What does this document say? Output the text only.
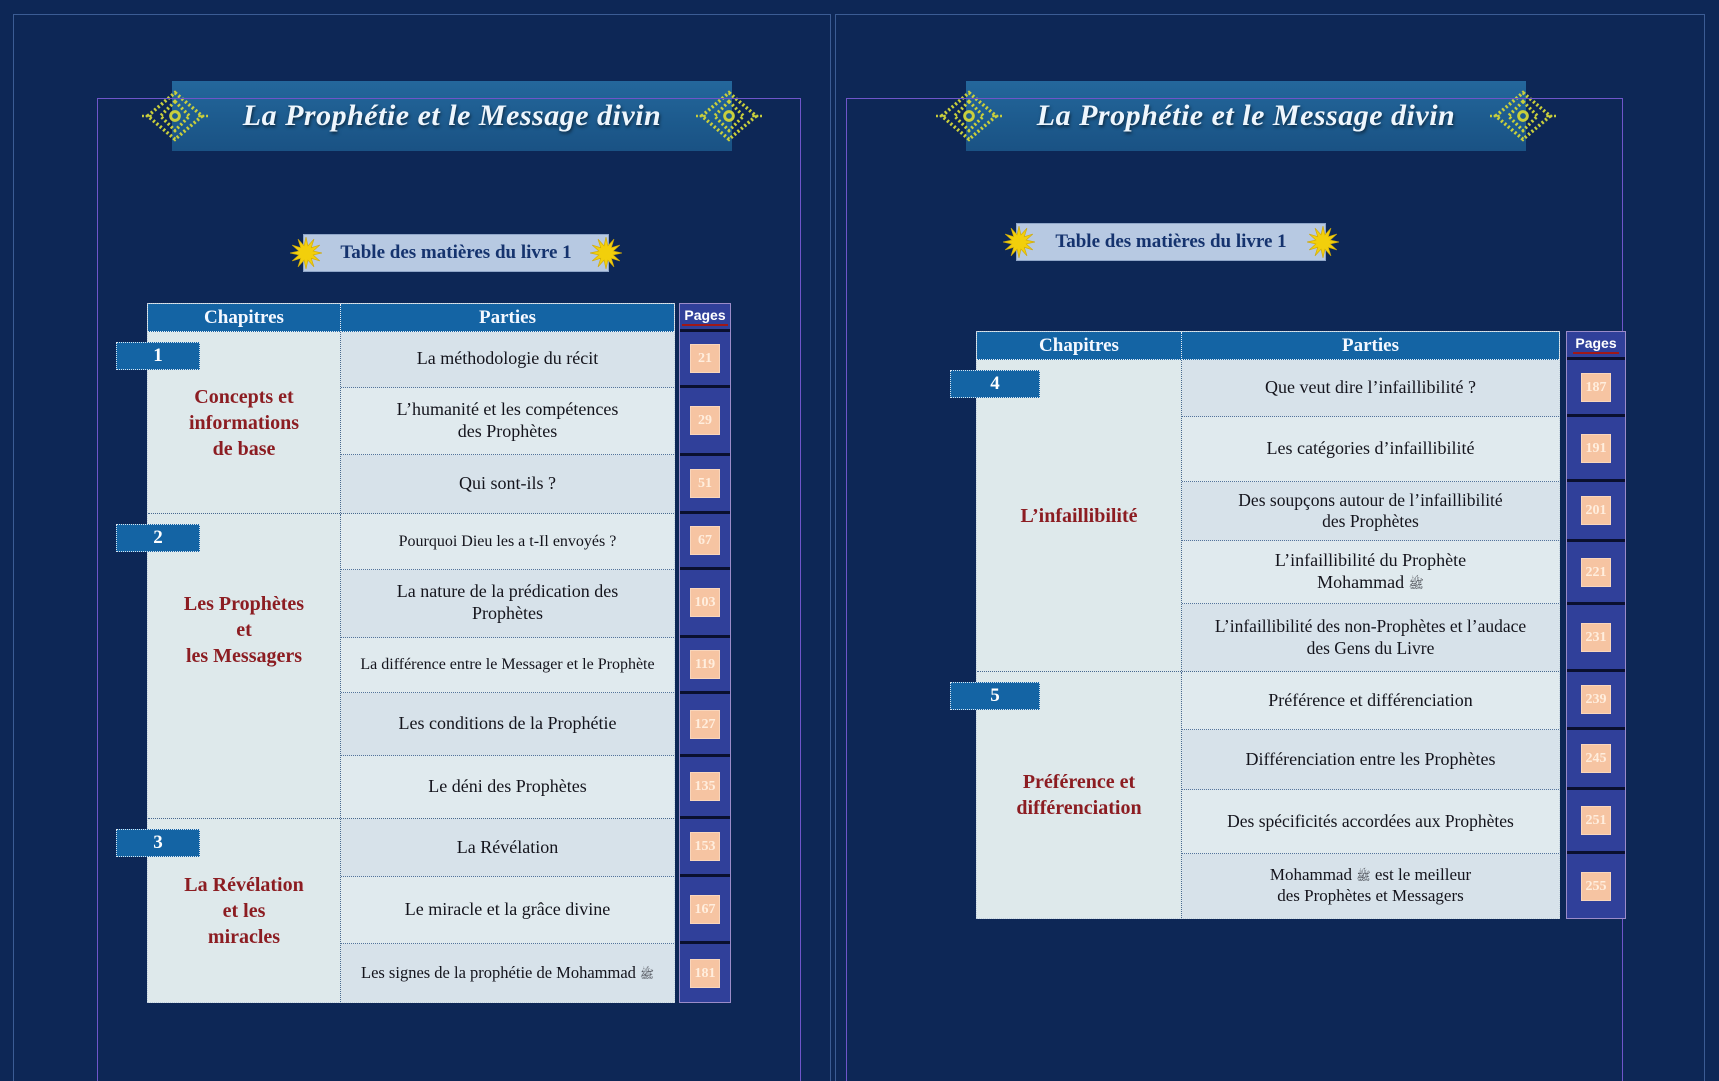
La Prophétie et le Message divin
Table des matières du livre 1
Chapitres	Parties
1
Concepts et
informations
de base
La méthodologie du récit
L’humanité et les compétences
des Prophètes
Qui sont-ils ?
2
Les Prophètes
et
les Messagers
Pourquoi Dieu les a t-Il envoyés ?
La nature de la prédication des
Prophètes
La différence entre le Messager et le Prophète
Les conditions de la Prophétie
Le déni des Prophètes
3
La Révélation
et les
miracles
La Révélation
Le miracle et la grâce divine
Les signes de la prophétie de Mohammad ﷺ
Pages
21
29
51
67
103
119
127
135
153
167
181
La Prophétie et le Message divin
Table des matières du livre 1
Chapitres	Parties
4
L’infaillibilité
Que veut dire l’infaillibilité ?
Les catégories d’infaillibilité
Des soupçons autour de l’infaillibilité
des Prophètes
L’infaillibilité du Prophète
Mohammad ﷺ
L’infaillibilité des non-Prophètes et l’audace
des Gens du Livre
5
Préférence et
différenciation
Préférence et différenciation
Différenciation entre les Prophètes
Des spécificités accordées aux Prophètes
Mohammad ﷺ est le meilleur
des Prophètes et Messagers
Pages
187
191
201
221
231
239
245
251
255
